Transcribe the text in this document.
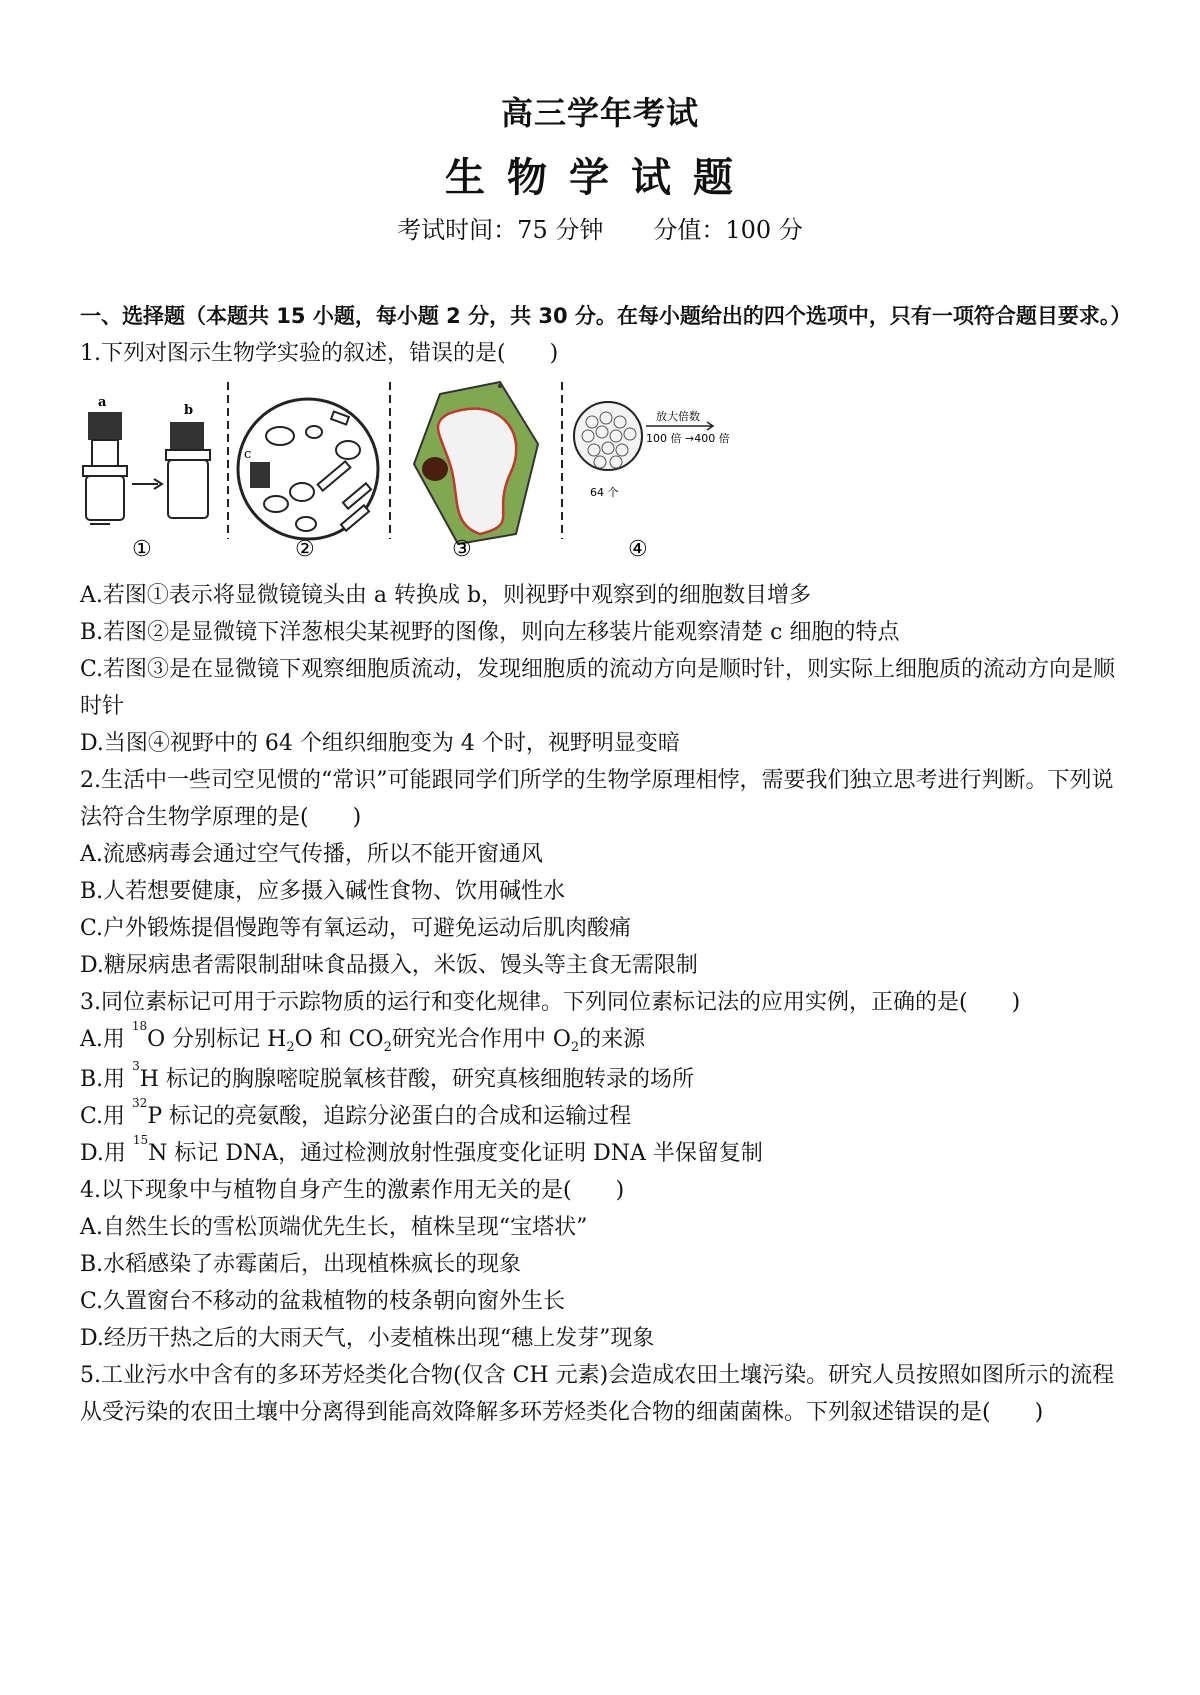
高三学年考试
生物学试题
考试时间：75 分钟 分值：100 分
一、选择题（本题共 15 小题，每小题 2 分，共 30 分。在每小题给出的四个选项中，只有一项符合题目要求。）
1.下列对图示生物学实验的叙述，错误的是(　　)
a
b
①
c
②	③
放大倍数
100 倍 →400 倍
64 个
④
A.若图①表示将显微镜镜头由 a 转换成 b，则视野中观察到的细胞数目增多
B.若图②是显微镜下洋葱根尖某视野的图像，则向左移装片能观察清楚 c 细胞的特点
C.若图③是在显微镜下观察细胞质流动，发现细胞质的流动方向是顺时针，则实际上细胞质的流动方向是顺时针
D.当图④视野中的 64 个组织细胞变为 4 个时，视野明显变暗
2.生活中一些司空见惯的“常识”可能跟同学们所学的生物学原理相悖，需要我们独立思考进行判断。下列说法符合生物学原理的是(　　)
A.流感病毒会通过空气传播，所以不能开窗通风
B.人若想要健康，应多摄入碱性食物、饮用碱性水
C.户外锻炼提倡慢跑等有氧运动，可避免运动后肌肉酸痛
D.糖尿病患者需限制甜味食品摄入，米饭、馒头等主食无需限制
3.同位素标记可用于示踪物质的运行和变化规律。下列同位素标记法的应用实例，正确的是(　　)
A.用 $^{18}$O 分别标记 $H_2O$ 和 $CO_2$研究光合作用中 $O_2$的来源
B.用 $^3$H 标记的胸腺嘧啶脱氧核苷酸，研究真核细胞转录的场所
C.用 $^{32}$P 标记的亮氨酸，追踪分泌蛋白的合成和运输过程
D.用 $^{15}$N 标记 DNA，通过检测放射性强度变化证明 DNA 半保留复制
4.以下现象中与植物自身产生的激素作用无关的是(　　)
A.自然生长的雪松顶端优先生长，植株呈现“宝塔状”
B.水稻感染了赤霉菌后，出现植株疯长的现象
C.久置窗台不移动的盆栽植物的枝条朝向窗外生长
D.经历干热之后的大雨天气，小麦植株出现“穗上发芽”现象
5.工业污水中含有的多环芳烃类化合物(仅含 CH 元素)会造成农田土壤污染。研究人员按照如图所示的流程从受污染的农田土壤中分离得到能高效降解多环芳烃类化合物的细菌菌株。下列叙述错误的是(　　)
